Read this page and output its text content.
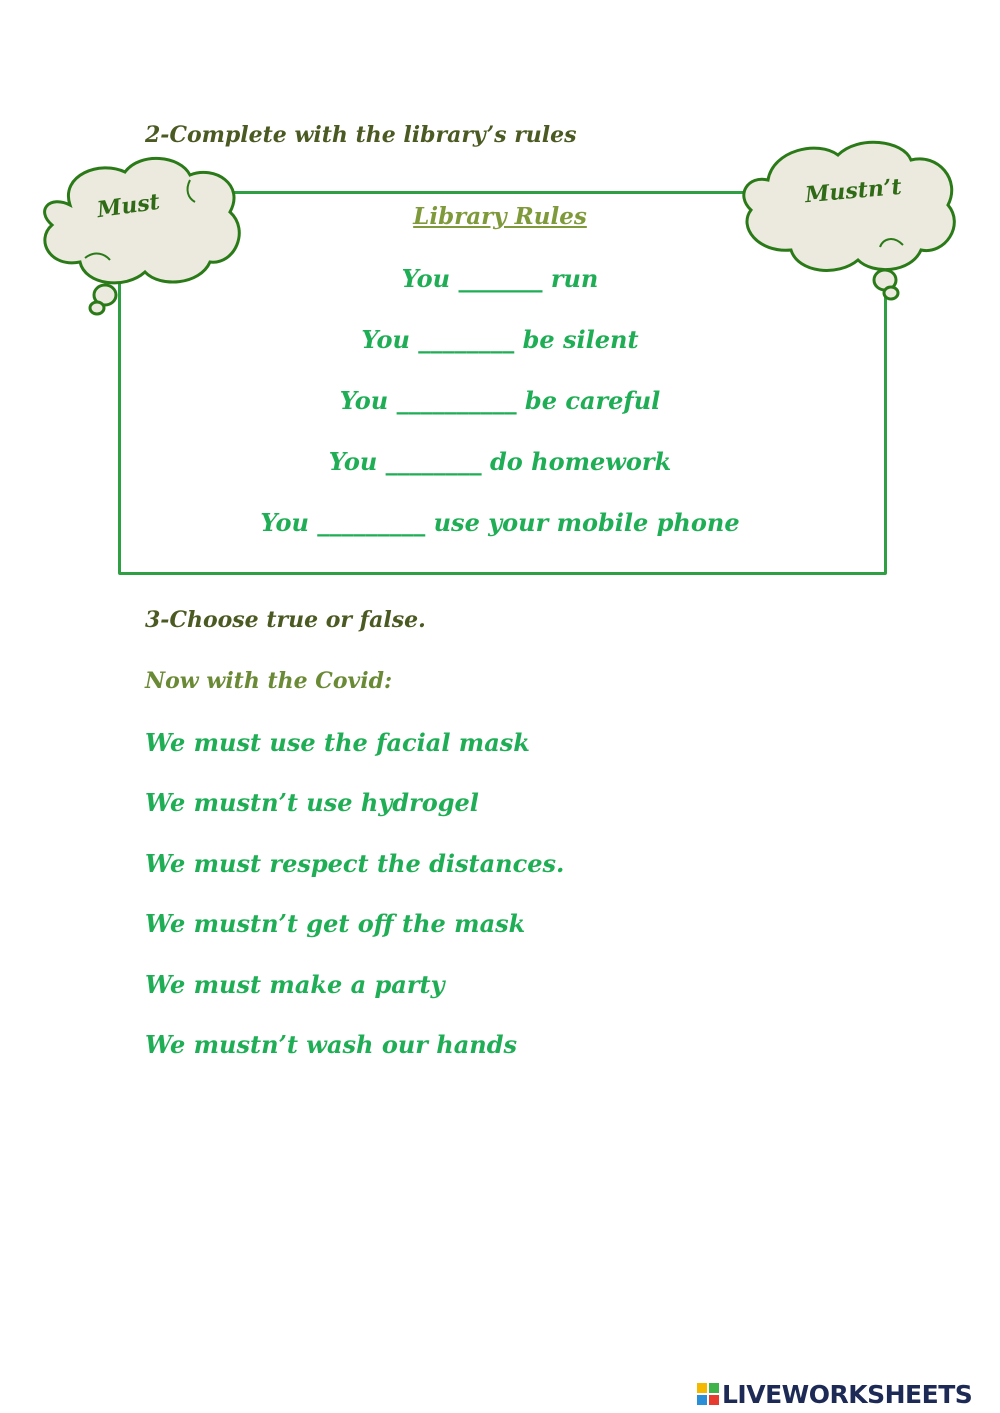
2-Complete with the library’s rules
Library Rules
You _______ run
You ________ be silent
You __________ be careful
You ________ do homework
You _________ use your mobile phone
Must	Mustn’t
3-Choose true or false.
Now with the Covid:
We must use the facial mask
We mustn’t use hydrogel
We must respect the distances.
We mustn’t get off the mask
We must make a party
We mustn’t wash our hands
LIVEWORKSHEETS
